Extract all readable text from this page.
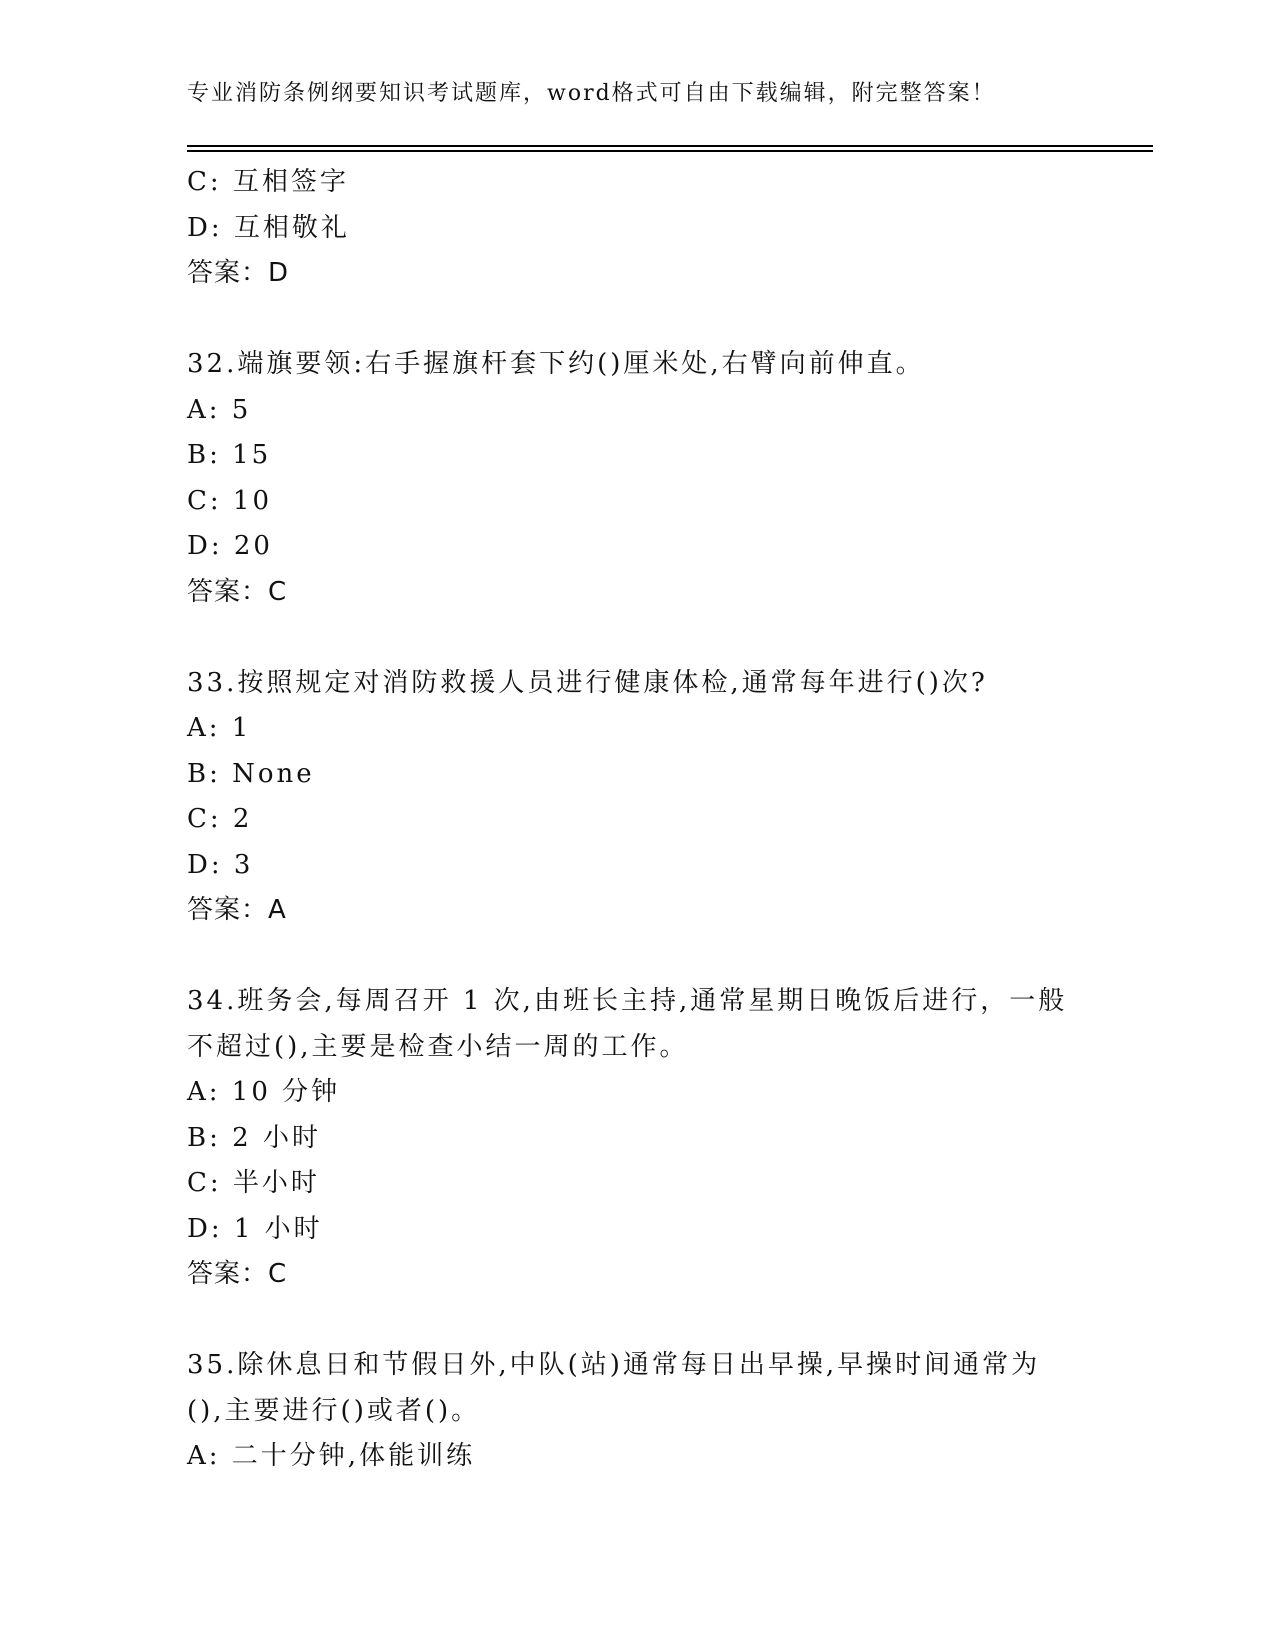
专业消防条例纲要知识考试题库，word格式可自由下载编辑，附完整答案！
C: 互相签字
D: 互相敬礼
答案：D
32.端旗要领:右手握旗杆套下约()厘米处,右臂向前伸直。
A: 5
B: 15
C: 10
D: 20
答案：C
33.按照规定对消防救援人员进行健康体检,通常每年进行()次?
A: 1
B: None
C: 2
D: 3
答案：A
34.班务会,每周召开 1 次,由班长主持,通常星期日晚饭后进行，一般
不超过(),主要是检查小结一周的工作。
A: 10 分钟
B: 2 小时
C: 半小时
D: 1 小时
答案：C
35.除休息日和节假日外,中队(站)通常每日出早操,早操时间通常为
(),主要进行()或者()。
A: 二十分钟,体能训练
